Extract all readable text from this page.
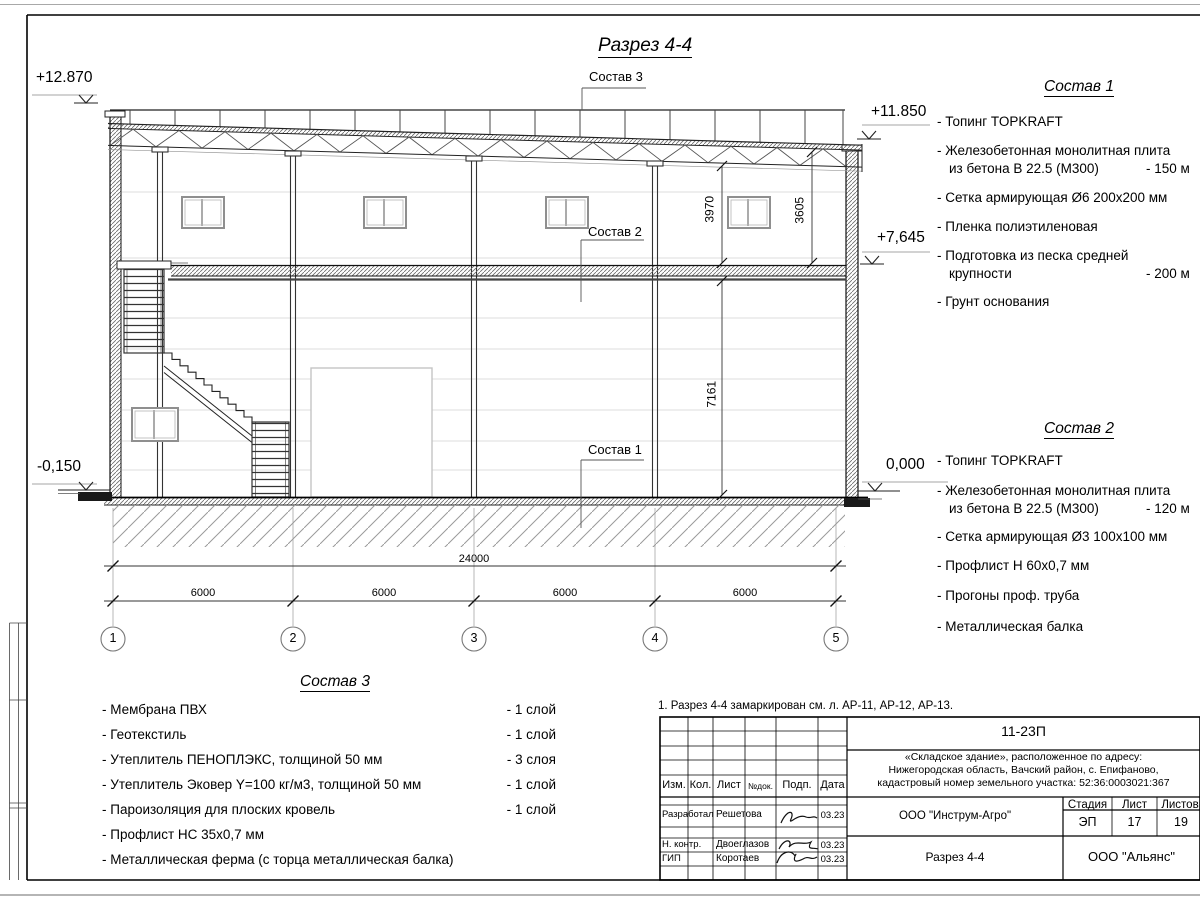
Разрез 4-4
Состав 3
Состав 2
Состав 1
+12.870
+11.850
+7,645
-0,150	0,000
24000
6000	6000	6000	6000
1	2	3	4	5
3970	3605
7161
Состав 1
- Топинг TOPKRAFT
- Железобетонная монолитная плита
из бетона В 22.5 (М300)	- 150 м
- Сетка армирующая Ø6 200x200 мм
- Пленка полиэтиленовая
- Подготовка из песка средней
крупности	- 200 м
- Грунт основания
Состав 2
- Топинг TOPKRAFT
- Железобетонная монолитная плита
из бетона В 22.5 (М300)	- 120 м
- Сетка армирующая Ø3 100x100 мм
- Профлист Н 60х0,7 мм
- Прогоны проф. труба
- Металлическая балка
Состав 3
- Мембрана ПВХ	- 1 слой
- Геотекстиль	- 1 слой
- Утеплитель ПЕНОПЛЭКС, толщиной 50 мм	- 3 слоя
- Утеплитель Эковер Y=100 кг/м3, толщиной 50 мм	- 1 слой
- Пароизоляция для плоских кровель	- 1 слой
- Профлист НС 35х0,7 мм
- Металлическая ферма (с торца металлическая балка)
1. Разрез 4-4 замаркирован см. л. АР-11, АР-12, АР-13.
11-23П
«Складское здание», расположенное по адресу:
Нижегородская область, Вачский район, с. Епифаново,
кадастровый номер земельного участка: 52:36:0003021:367
Изм. Кол. Лист №док. Подп. Дата
Разработал Решетова	03.23
Н. контр. Двоеглазов	03.23
ГИП	Коротаев	03.23
ООО "Инструм-Агро"
Стадия	Лист	Листов
ЭП	17	19
Разрез 4-4	ООО "Альянс"
